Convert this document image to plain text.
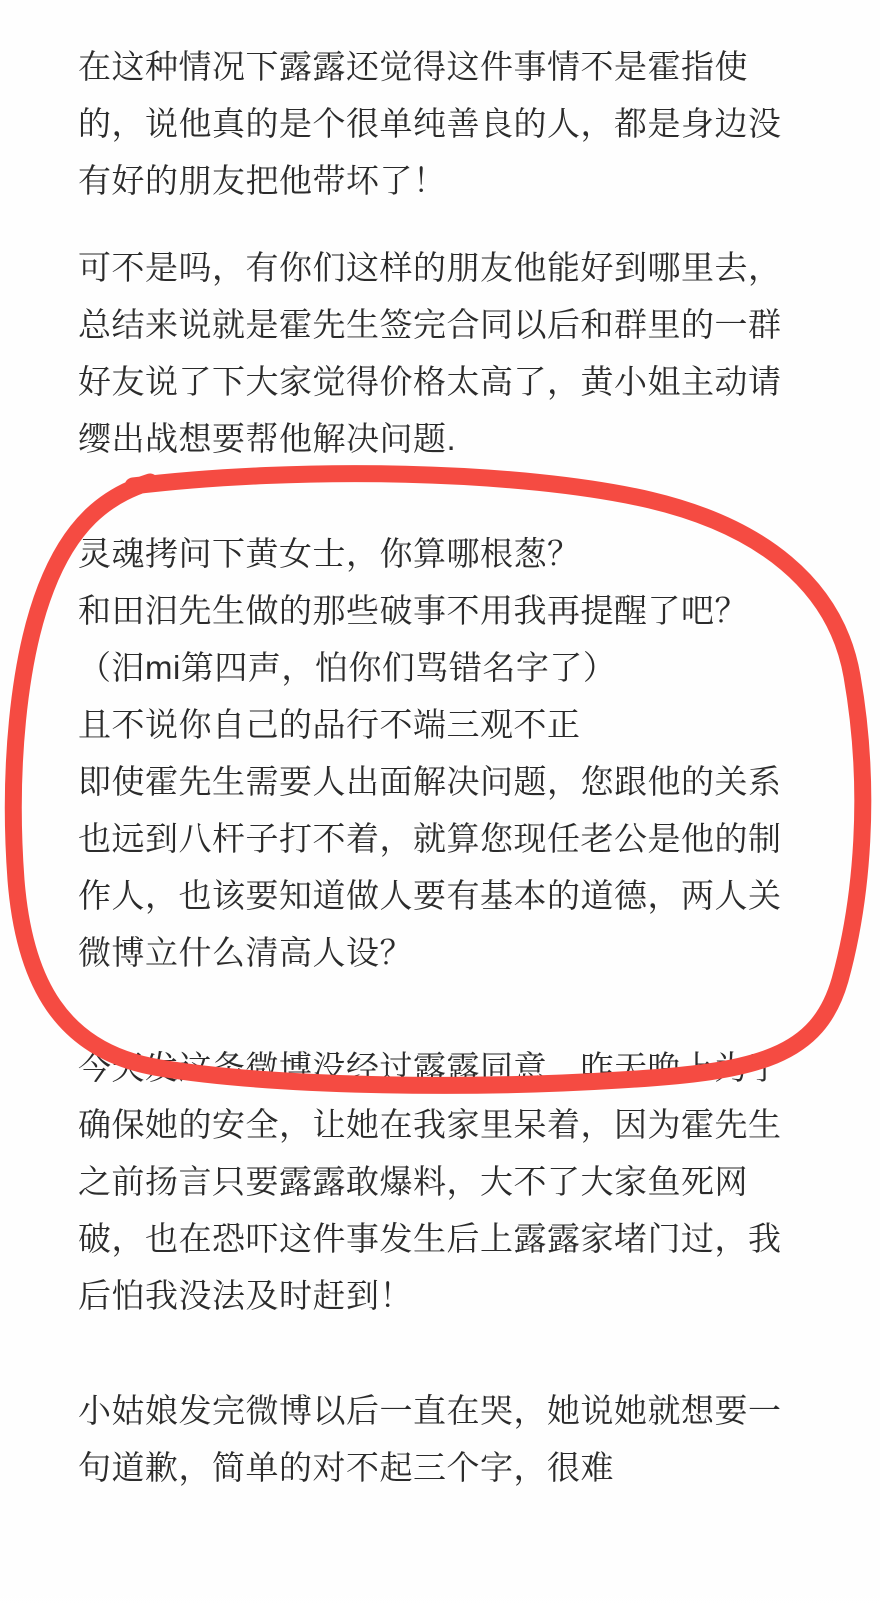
在这种情况下露露还觉得这件事情不是霍指使的，说他真的是个很单纯善良的人，都是身边没有好的朋友把他带坏了！
可不是吗，有你们这样的朋友他能好到哪里去，总结来说就是霍先生签完合同以后和群里的一群好友说了下大家觉得价格太高了，黄小姐主动请缨出战想要帮他解决问题.
灵魂拷问下黄女士，你算哪根葱？
和田汨先生做的那些破事不用我再提醒了吧？（汨mi第四声，怕你们骂错名字了）
且不说你自己的品行不端三观不正
即使霍先生需要人出面解决问题，您跟他的关系也远到八杆子打不着，就算您现任老公是他的制作人，也该要知道做人要有基本的道德，两人关微博立什么清高人设？
今天发这条微博没经过露露同意，昨天晚上为了确保她的安全，让她在我家里呆着，因为霍先生之前扬言只要露露敢爆料，大不了大家鱼死网破，也在恐吓这件事发生后上露露家堵门过，我后怕我没法及时赶到！
小姑娘发完微博以后一直在哭，她说她就想要一句道歉，简单的对不起三个字，很难
